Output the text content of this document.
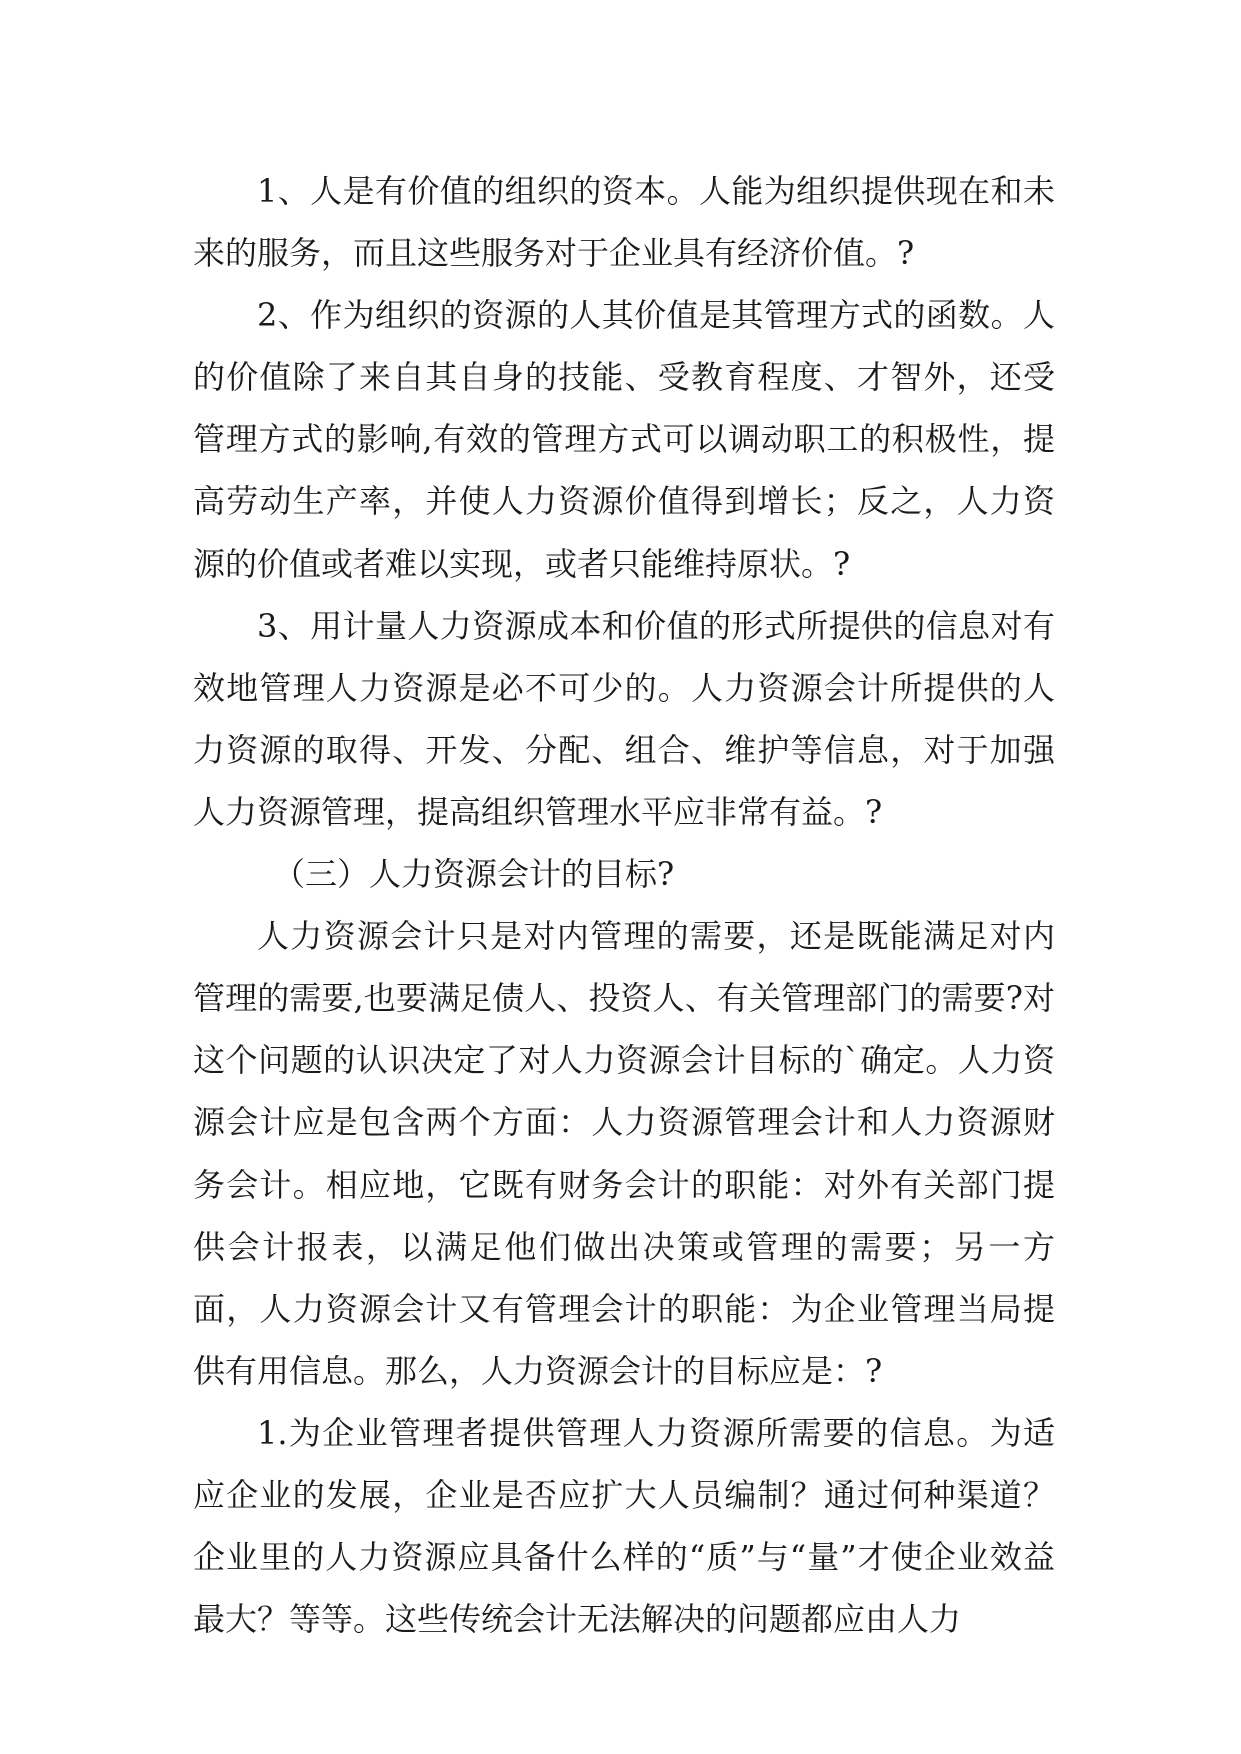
1、人是有价值的组织的资本。人能为组织提供现在和未来的服务，而且这些服务对于企业具有经济价值。?

2、作为组织的资源的人其价值是其管理方式的函数。人的价值除了来自其自身的技能、受教育程度、才智外，还受管理方式的影响,有效的管理方式可以调动职工的积极性，提高劳动生产率，并使人力资源价值得到增长；反之，人力资源的价值或者难以实现，或者只能维持原状。?

3、用计量人力资源成本和价值的形式所提供的信息对有效地管理人力资源是必不可少的。人力资源会计所提供的人力资源的取得、开发、分配、组合、维护等信息，对于加强人力资源管理，提高组织管理水平应非常有益。?

（三）人力资源会计的目标?

人力资源会计只是对内管理的需要，还是既能满足对内管理的需要,也要满足债人、投资人、有关管理部门的需要?对这个问题的认识决定了对人力资源会计目标的`确定。人力资源会计应是包含两个方面：人力资源管理会计和人力资源财务会计。相应地，它既有财务会计的职能：对外有关部门提供会计报表，以满足他们做出决策或管理的需要；另一方面，人力资源会计又有管理会计的职能：为企业管理当局提供有用信息。那么，人力资源会计的目标应是：?

1.为企业管理者提供管理人力资源所需要的信息。为适应企业的发展，企业是否应扩大人员编制？通过何种渠道？企业里的人力资源应具备什么样的“质”与“量”才使企业效益最大？等等。这些传统会计无法解决的问题都应由人力
